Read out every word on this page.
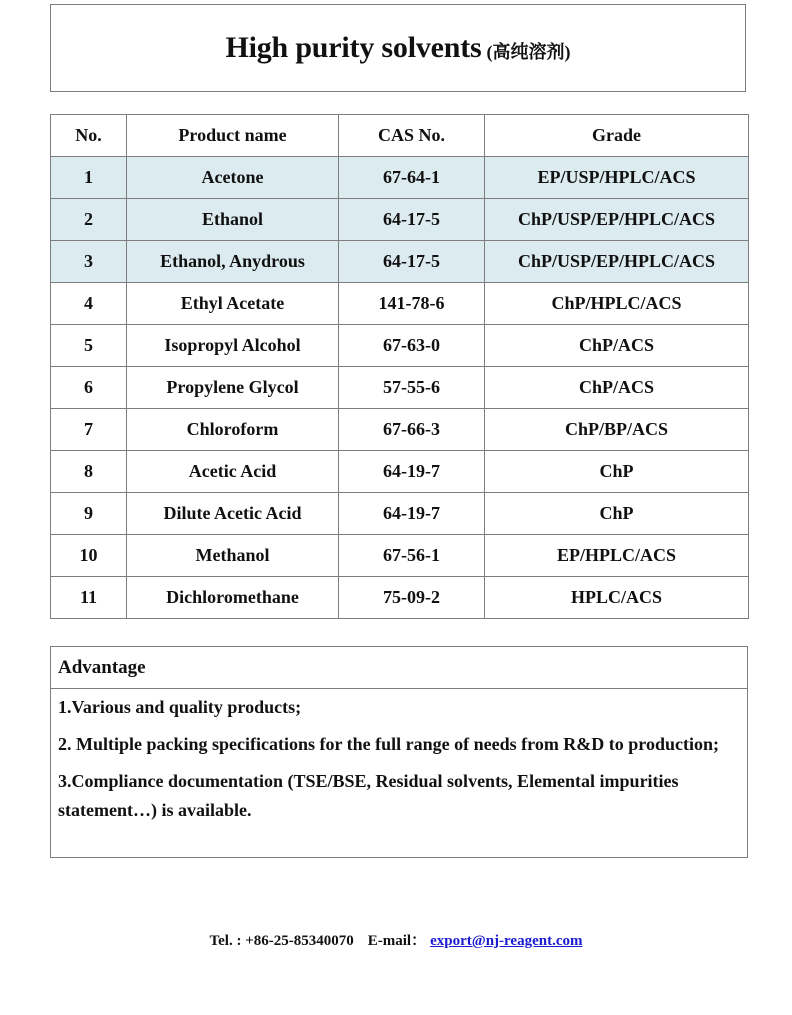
High purity solvents (高纯溶剂)
No.	Product name	CAS No.	Grade
1	Acetone	67-64-1	EP/USP/HPLC/ACS
2	Ethanol	64-17-5	ChP/USP/EP/HPLC/ACS
3	Ethanol, Anydrous	64-17-5	ChP/USP/EP/HPLC/ACS
4	Ethyl Acetate	141-78-6	ChP/HPLC/ACS
5	Isopropyl Alcohol	67-63-0	ChP/ACS
6	Propylene Glycol	57-55-6	ChP/ACS
7	Chloroform	67-66-3	ChP/BP/ACS
8	Acetic Acid	64-19-7	ChP
9	Dilute Acetic Acid	64-19-7	ChP
10	Methanol	67-56-1	EP/HPLC/ACS
11	Dichloromethane	75-09-2	HPLC/ACS
Advantage
1.Various and quality products;
2. Multiple packing specifications for the full range of needs from R&D to production;
3.Compliance documentation (TSE/BSE, Residual solvents, Elemental impurities statement…) is available.
Tel. : +86-25-85340070 E-mail： export@nj-reagent.com
